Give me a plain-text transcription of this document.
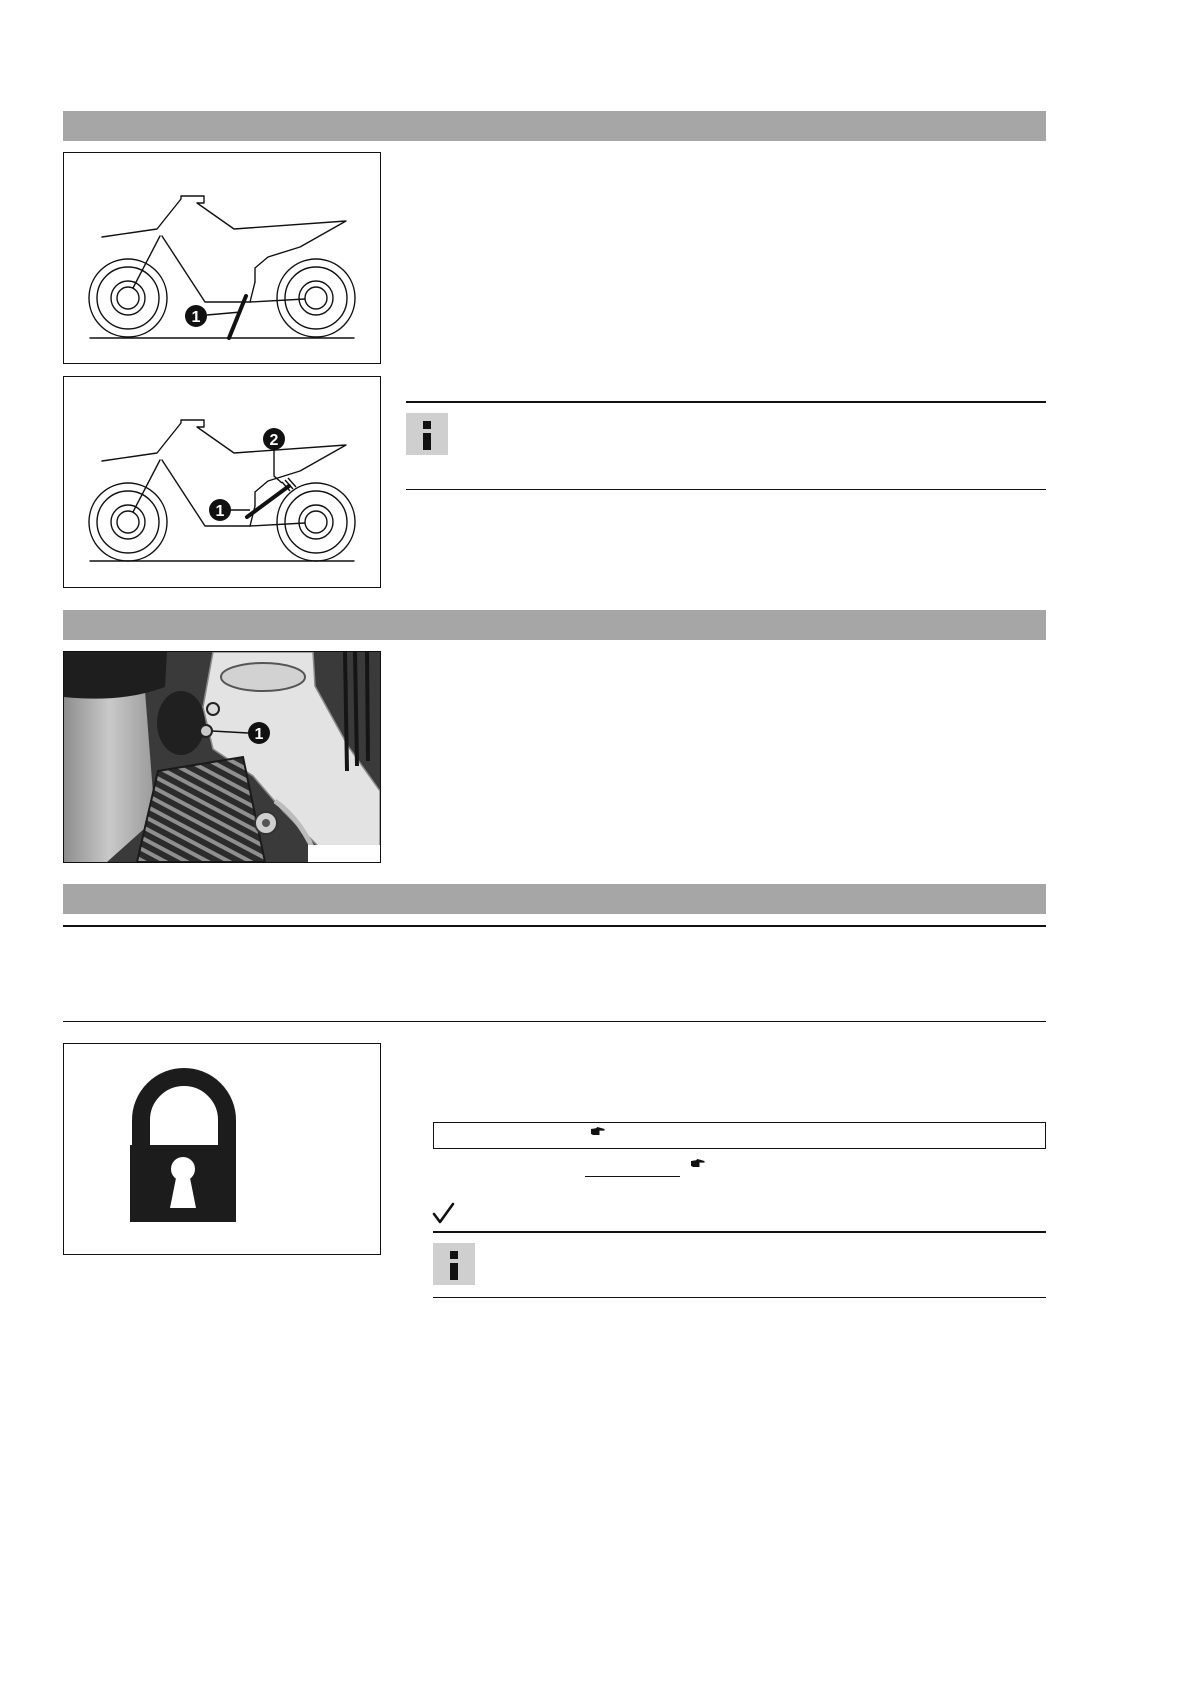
1
2
1
1
